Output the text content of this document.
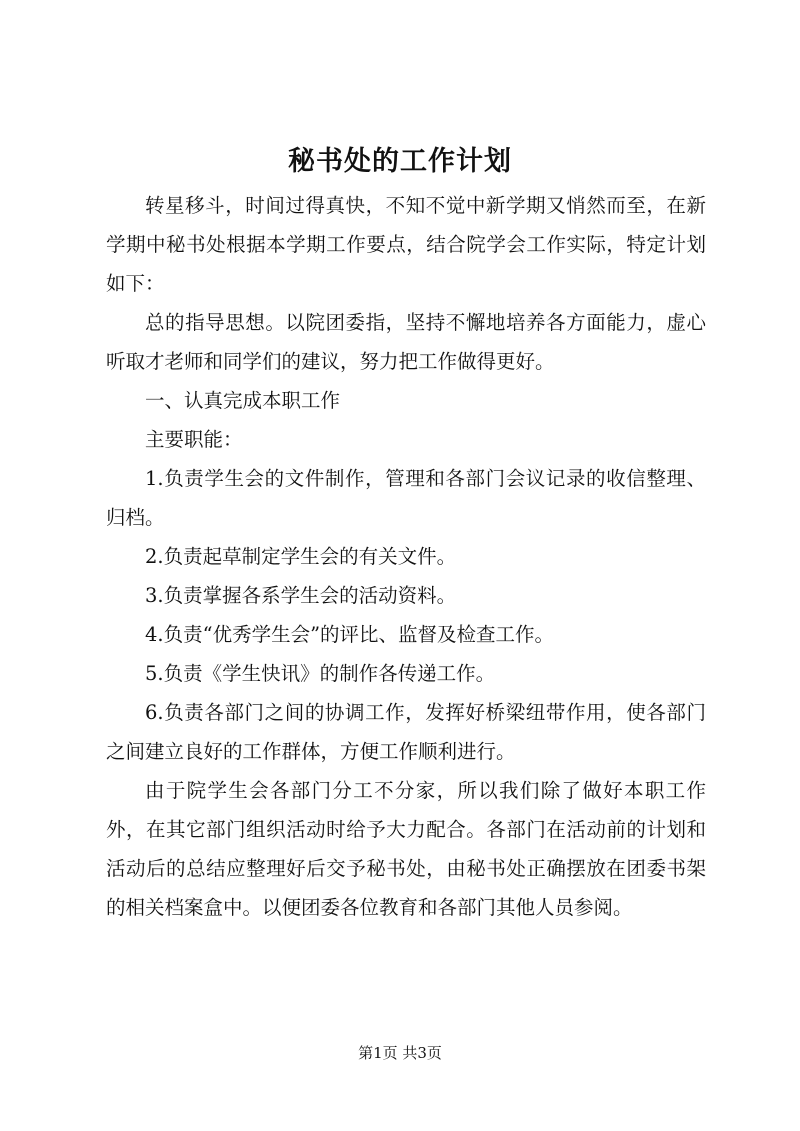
秘书处的工作计划

转星移斗，时间过得真快，不知不觉中新学期又悄然而至，在新学期中秘书处根据本学期工作要点，结合院学会工作实际，特定计划如下：

总的指导思想。以院团委指，坚持不懈地培养各方面能力，虚心听取才老师和同学们的建议，努力把工作做得更好。

一、认真完成本职工作

主要职能：

1.负责学生会的文件制作，管理和各部门会议记录的收信整理、归档。

2.负责起草制定学生会的有关文件。

3.负责掌握各系学生会的活动资料。

4.负责“优秀学生会”的评比、监督及检查工作。

5.负责《学生快讯》的制作各传递工作。

6.负责各部门之间的协调工作，发挥好桥梁纽带作用，使各部门之间建立良好的工作群体，方便工作顺利进行。

由于院学生会各部门分工不分家，所以我们除了做好本职工作外，在其它部门组织活动时给予大力配合。各部门在活动前的计划和活动后的总结应整理好后交予秘书处，由秘书处正确摆放在团委书架的相关档案盒中。以便团委各位教育和各部门其他人员参阅。

第1页 共3页
